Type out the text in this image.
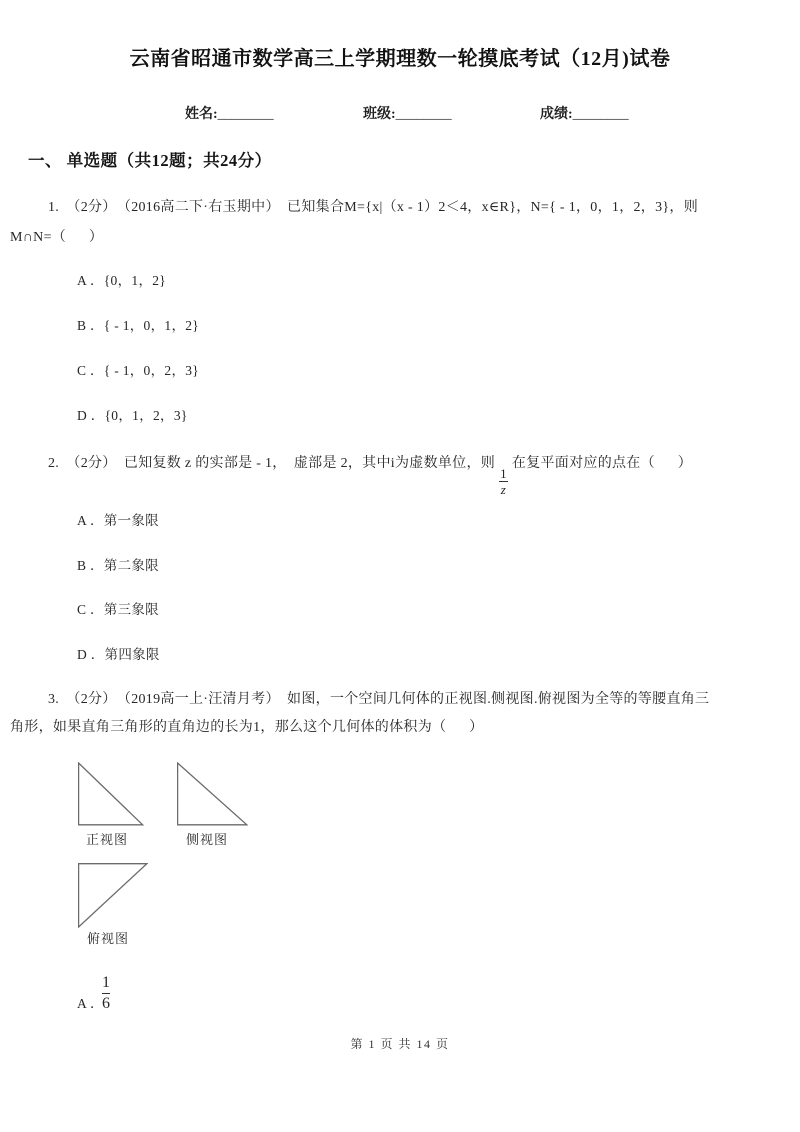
云南省昭通市数学高三上学期理数一轮摸底考试（12月)试卷
姓名:________	班级:________	成绩:________
一、 单选题（共12题；共24分）
1.　（2分）　（2016高二下·右玉期中）　已知集合M={x|（x - 1）2＜4，x∈R}，N={ - 1，0，1，2，3}，则
M∩N=（      ）
A ．{0，1，2}
B ．{ - 1，0，1，2}
C ．{ - 1，0，2，3}
D ．{0，1，2，3}
2.　（2分）　已知复数 z 的实部是 - 1，　虚部是 2，其中i为虚数单位，则
$\frac{1}{z}$
在复平面对应的点在（      ）
A ．第一象限
B ．第二象限
C ．第三象限
D ．第四象限
3.　（2分）　（2019高一上·汪清月考）　如图，一个空间几何体的正视图.侧视图.俯视图为全等的等腰直角三
角形，如果直角三角形的直角边的长为1，那么这个几何体的体积为（      ）
正视图	侧视图
俯视图
A ．
$\frac{1}{6}$
第 1 页 共 14 页
